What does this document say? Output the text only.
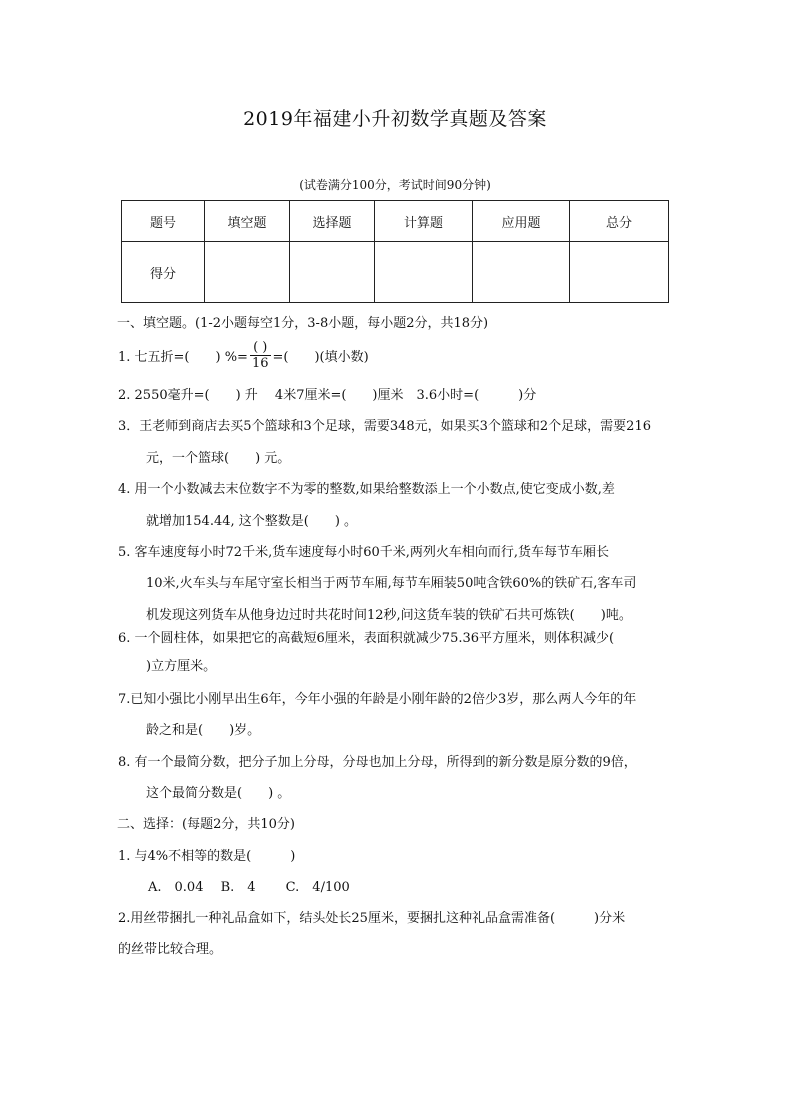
2019年福建小升初数学真题及答案
(试卷满分100分，考试时间90分钟)
题号	填空题	选择题	计算题	应用题	总分
得分					
一、填空题。(1-2小题每空1分，3-8小题，每小题2分，共18分)
1. 七五折=(　　) %= $\frac{( )}{16}$ =(　　)(填小数)
2. 2550毫升=(　　) 升　 4米7厘米=(　　)厘米　3.6小时=(　　　)分
3．王老师到商店去买5个篮球和3个足球，需要348元，如果买3个篮球和2个足球，需要216
元，一个篮球(　　) 元。
4. 用一个小数减去末位数字不为零的整数,如果给整数添上一个小数点,使它变成小数,差
就增加154.44, 这个整数是(　　) 。
5. 客车速度每小时72千米,货车速度每小时60千米,两列火车相向而行,货车每节车厢长
10米,火车头与车尾守室长相当于两节车厢,每节车厢装50吨含铁60%的铁矿石,客车司
机发现这列货车从他身边过时共花时间12秒,问这货车装的铁矿石共可炼铁(　　)吨。
6. 一个圆柱体，如果把它的高截短6厘米，表面积就减少75.36平方厘米，则体积减少(
)立方厘米。
7.已知小强比小刚早出生6年，今年小强的年龄是小刚年龄的2倍少3岁，那么两人今年的年
龄之和是(　　)岁。
8. 有一个最简分数，把分子加上分母，分母也加上分母，所得到的新分数是原分数的9倍，
这个最简分数是(　　) 。
二、选择：(每题2分，共10分)
1. 与4%不相等的数是(　　　)
A.　0.04　 B.　4　　 C.　4/100
2.用丝带捆扎一种礼品盒如下，结头处长25厘米，要捆扎这种礼品盒需准备(　　　)分米
的丝带比较合理。
